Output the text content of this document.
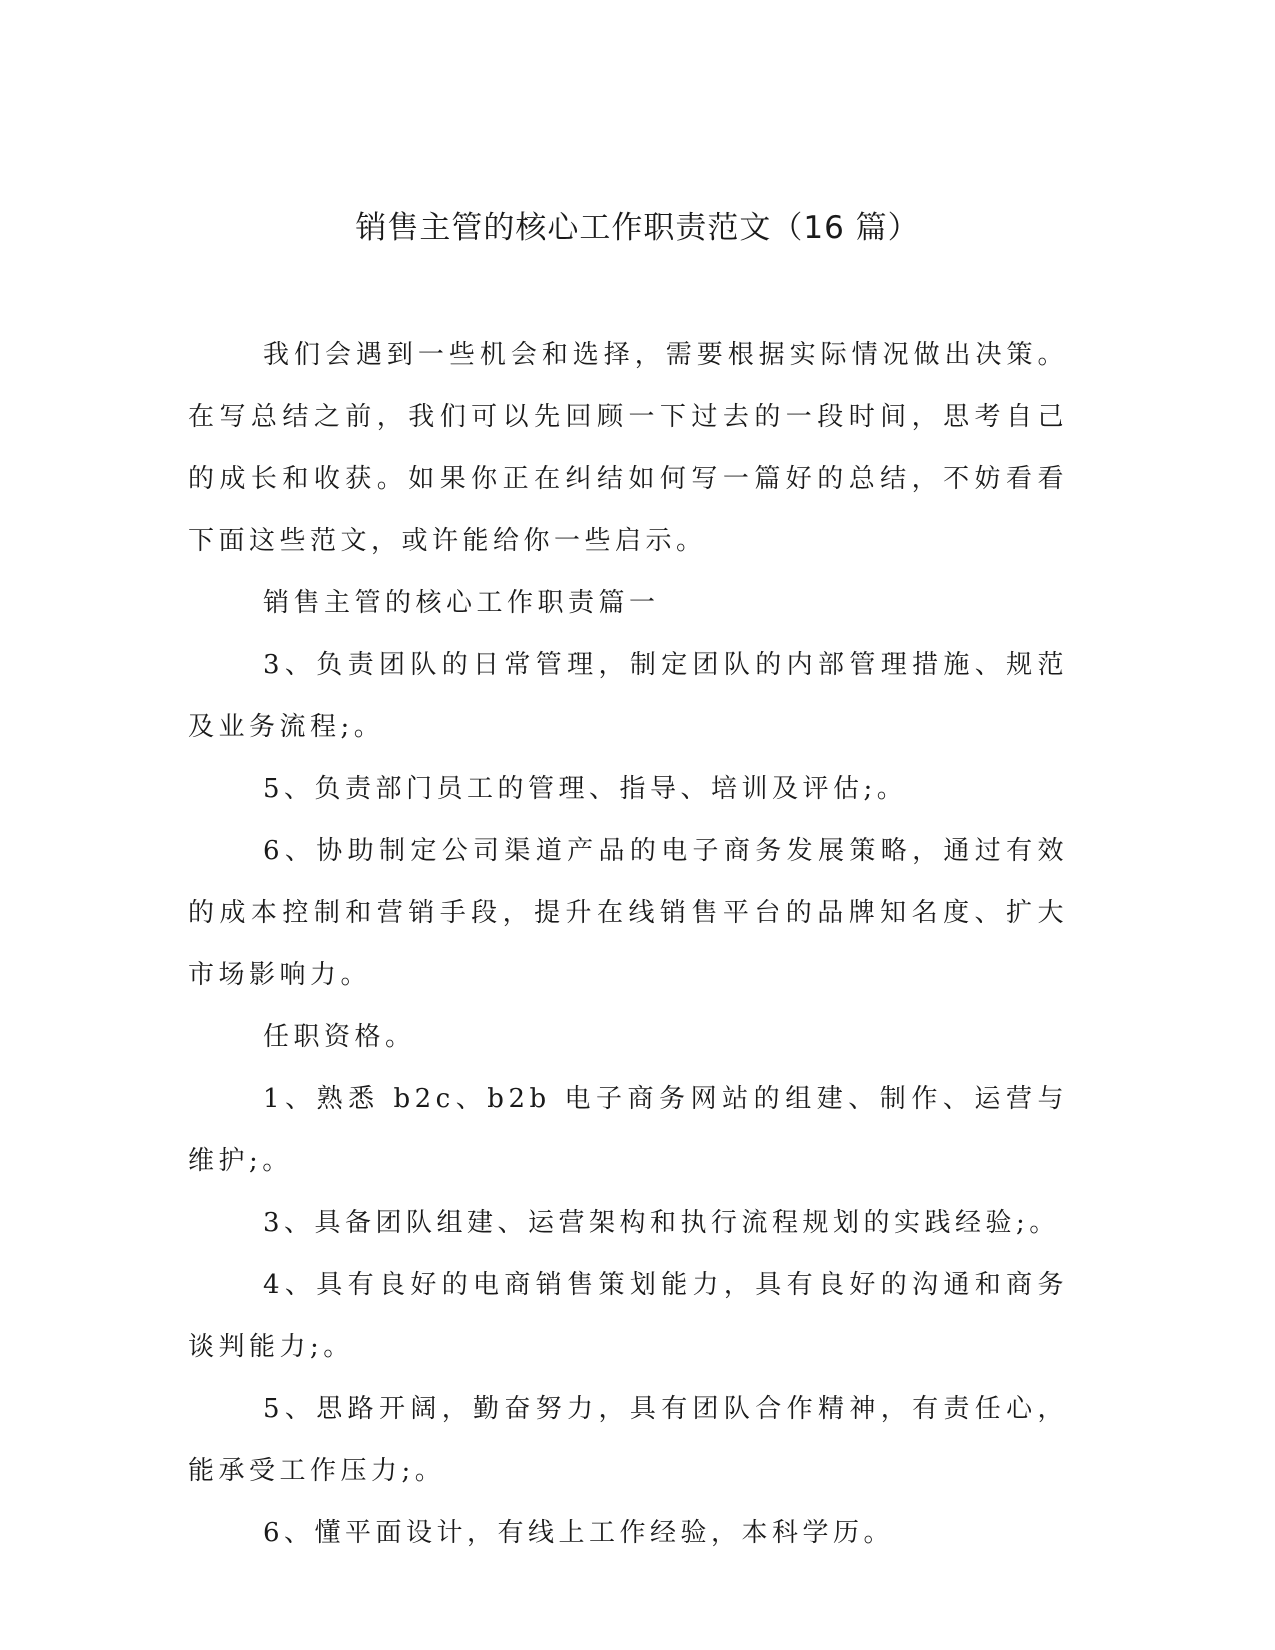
销售主管的核心工作职责范文（16 篇）

我们会遇到一些机会和选择，需要根据实际情况做出决策。在写总结之前，我们可以先回顾一下过去的一段时间，思考自己的成长和收获。如果你正在纠结如何写一篇好的总结，不妨看看下面这些范文，或许能给你一些启示。

销售主管的核心工作职责篇一

3、负责团队的日常管理，制定团队的内部管理措施、规范及业务流程;。

5、负责部门员工的管理、指导、培训及评估;。

6、协助制定公司渠道产品的电子商务发展策略，通过有效的成本控制和营销手段，提升在线销售平台的品牌知名度、扩大市场影响力。

任职资格。

1、熟悉 b2c、b2b 电子商务网站的组建、制作、运营与维护;。

3、具备团队组建、运营架构和执行流程规划的实践经验;。

4、具有良好的电商销售策划能力，具有良好的沟通和商务谈判能力;。

5、思路开阔，勤奋努力，具有团队合作精神，有责任心，能承受工作压力;。

6、懂平面设计，有线上工作经验，本科学历。
